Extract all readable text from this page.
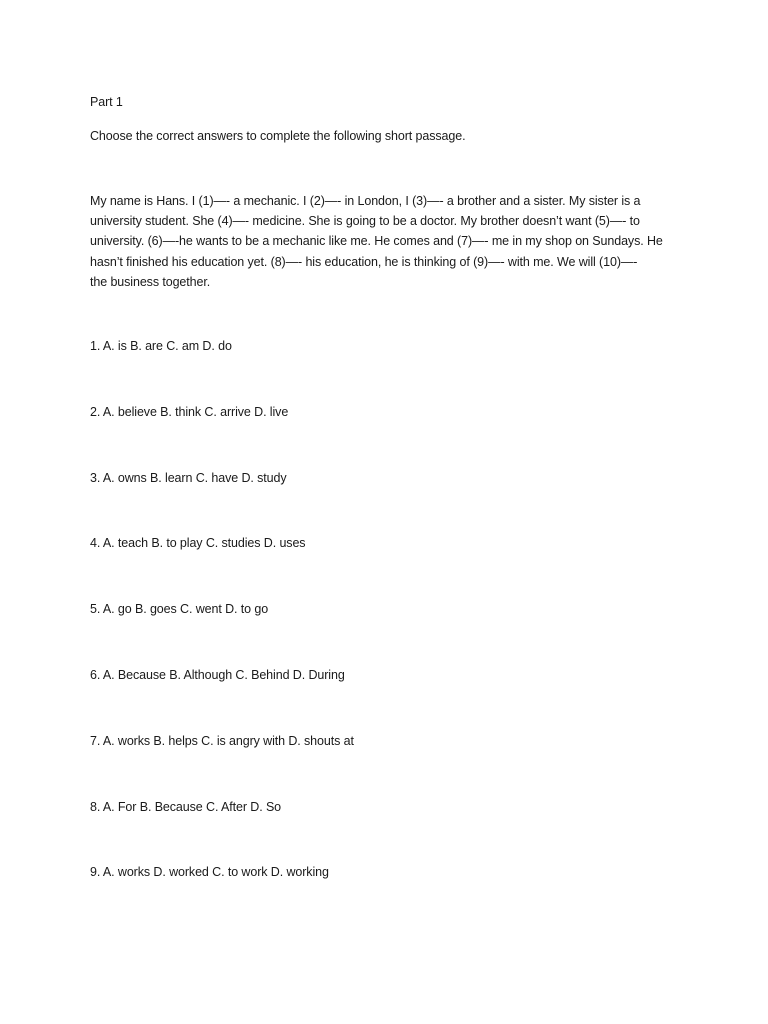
Part 1
Choose the correct answers to complete the following short passage.

My name is Hans. I (1)—- a mechanic. I (2)—- in London, I (3)—- a brother and a sister. My sister is a

university student. She (4)—- medicine. She is going to be a doctor. My brother doesn’t want (5)—- to

university. (6)—-he wants to be a mechanic like me. He comes and (7)—- me in my shop on Sundays. He

hasn’t finished his education yet. (8)—- his education, he is thinking of (9)—- with me. We will (10)—-

the business together.

1. A. is B. are C. am D. do
2. A. believe B. think C. arrive D. live
3. A. owns B. learn C. have D. study
4. A. teach B. to play C. studies D. uses
5. A. go B. goes C. went D. to go
6. A. Because B. Although C. Behind D. During
7. A. works B. helps C. is angry with D. shouts at
8. A. For B. Because C. After D. So
9. A. works D. worked C. to work D. working
